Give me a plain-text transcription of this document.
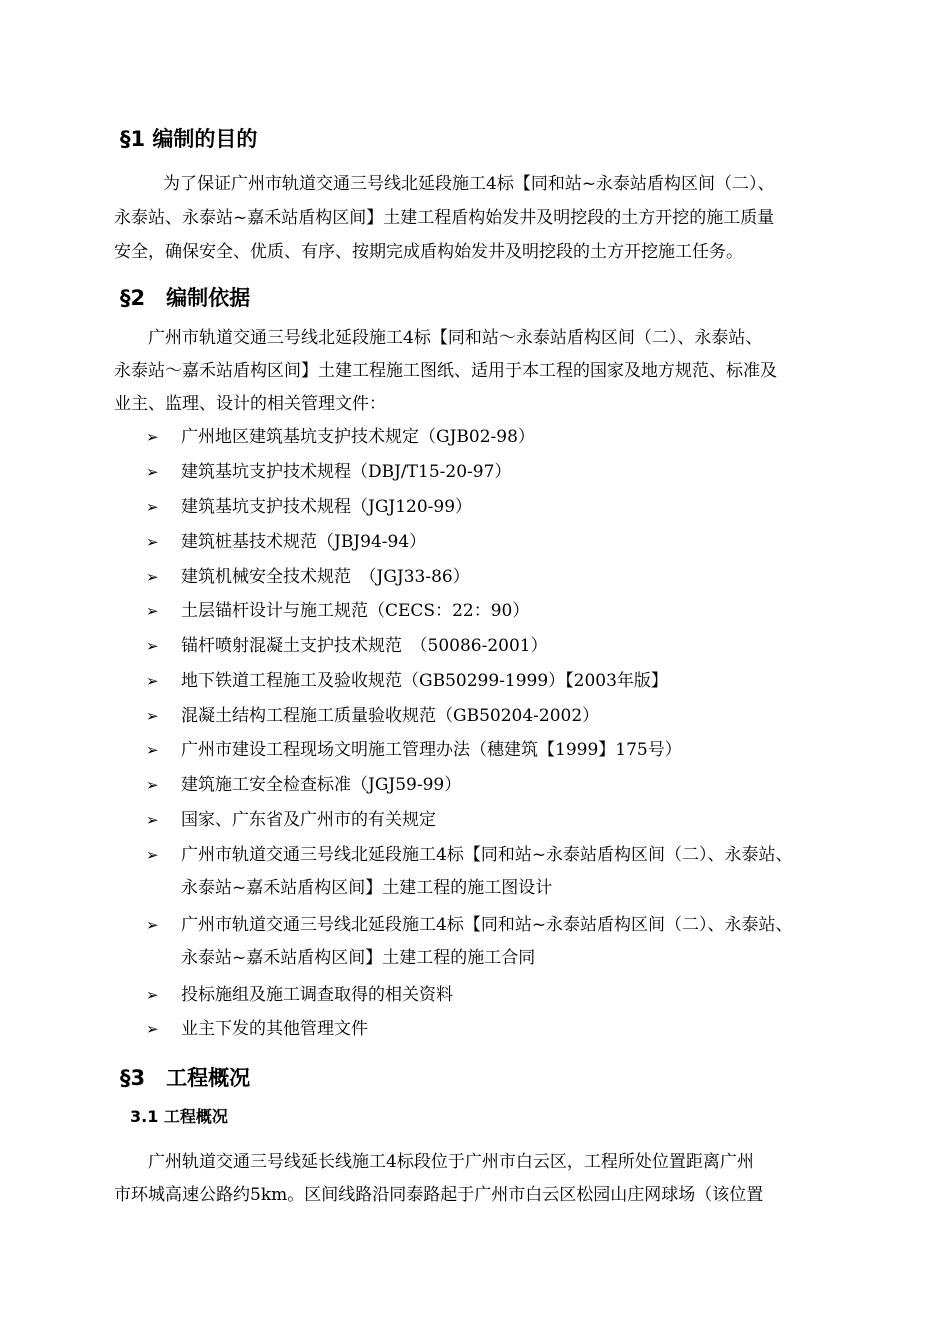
§1 编制的目的
为了保证广州市轨道交通三号线北延段施工4标【同和站~永泰站盾构区间（二）、
永泰站、永泰站~嘉禾站盾构区间】土建工程盾构始发井及明挖段的土方开挖的施工质量
安全，确保安全、优质、有序、按期完成盾构始发井及明挖段的土方开挖施工任务。
§2　编制依据
广州市轨道交通三号线北延段施工4标【同和站～永泰站盾构区间（二）、永泰站、
永泰站～嘉禾站盾构区间】土建工程施工图纸、适用于本工程的国家及地方规范、标准及
业主、监理、设计的相关管理文件：
➢ 广州地区建筑基坑支护技术规定（GJB02-98）
➢ 建筑基坑支护技术规程（DBJ/T15-20-97）
➢ 建筑基坑支护技术规程（JGJ120-99）
➢ 建筑桩基技术规范（JBJ94-94）
➢ 建筑机械安全技术规范　（JGJ33-86）
➢ 土层锚杆设计与施工规范（CECS：22：90）
➢ 锚杆喷射混凝土支护技术规范　（50086-2001）
➢ 地下铁道工程施工及验收规范（GB50299-1999）【2003年版】
➢ 混凝土结构工程施工质量验收规范（GB50204-2002）
➢ 广州市建设工程现场文明施工管理办法（穗建筑【1999】175号）
➢ 建筑施工安全检查标准（JGJ59-99）
➢ 国家、广东省及广州市的有关规定
➢ 广州市轨道交通三号线北延段施工4标【同和站~永泰站盾构区间（二）、永泰站、
永泰站~嘉禾站盾构区间】土建工程的施工图设计
➢ 广州市轨道交通三号线北延段施工4标【同和站~永泰站盾构区间（二）、永泰站、
永泰站~嘉禾站盾构区间】土建工程的施工合同
➢ 投标施组及施工调查取得的相关资料
➢ 业主下发的其他管理文件
§3　工程概况
3.1 工程概况
广州轨道交通三号线延长线施工4标段位于广州市白云区，工程所处位置距离广州
市环城高速公路约5km。区间线路沿同泰路起于广州市白云区松园山庄网球场（该位置
